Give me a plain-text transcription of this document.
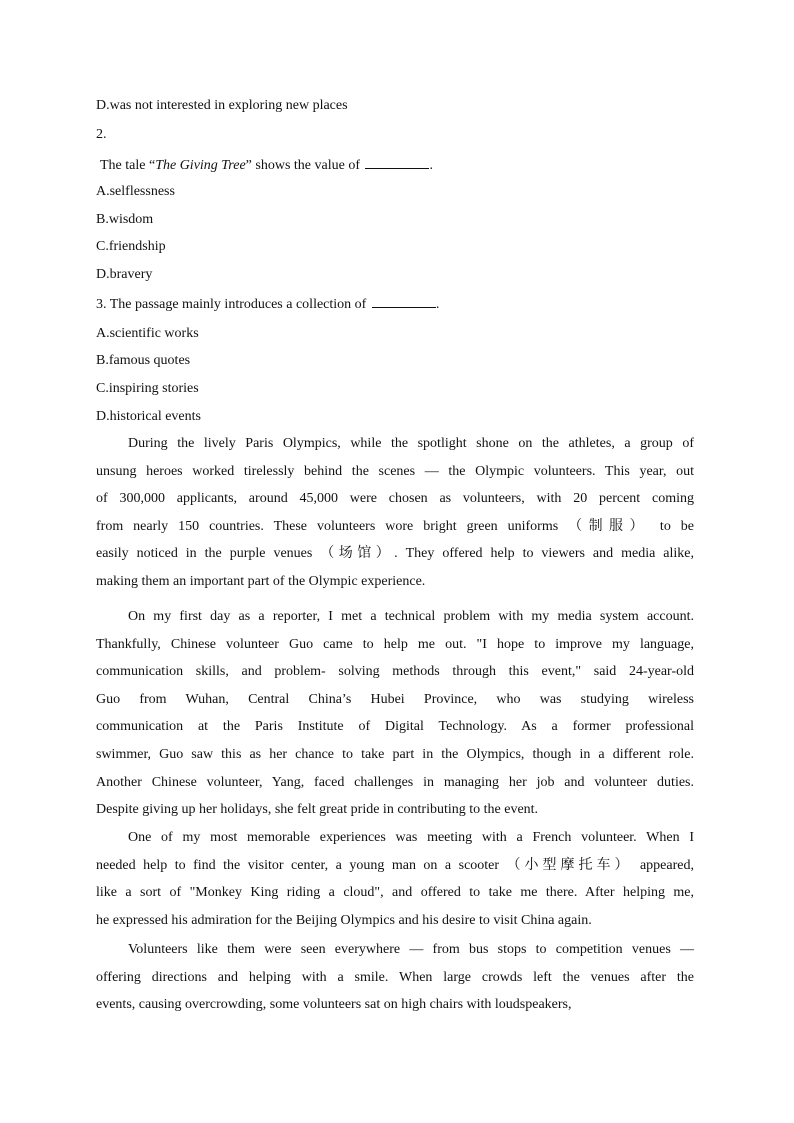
D.was not interested in exploring new places
2.
The tale “The Giving Tree” shows the value of	.
A.selflessness
B.wisdom
C.friendship
D.bravery
3. The passage mainly introduces a collection of	.
A.scientific works
B.famous quotes
C.inspiring stories
D.historical events
During the lively Paris Olympics, while the spotlight shone on the athletes, a group of
unsung heroes worked tirelessly behind the scenes — the Olympic volunteers. This year, out
of 300,000 applicants, around 45,000 were chosen as volunteers, with 20 percent coming
from nearly 150 countries. These volunteers wore bright green uniforms （制服） to be
easily noticed in the purple venues （场馆）. They offered help to viewers and media alike,
making them an important part of the Olympic experience.
On my first day as a reporter, I met a technical problem with my media system account.
Thankfully, Chinese volunteer Guo came to help me out. "I hope to improve my language,
communication skills, and problem- solving methods through this event," said 24-year-old
Guo from Wuhan, Central China’s Hubei Province, who was studying wireless
communication at the Paris Institute of Digital Technology. As a former professional
swimmer, Guo saw this as her chance to take part in the Olympics, though in a different role.
Another Chinese volunteer, Yang, faced challenges in managing her job and volunteer duties.
Despite giving up her holidays, she felt great pride in contributing to the event.
One of my most memorable experiences was meeting with a French volunteer. When I
needed help to find the visitor center, a young man on a scooter （小型摩托车） appeared,
like a sort of "Monkey King riding a cloud", and offered to take me there. After helping me,
he expressed his admiration for the Beijing Olympics and his desire to visit China again.
Volunteers like them were seen everywhere — from bus stops to competition venues —
offering directions and helping with a smile. When large crowds left the venues after the
events, causing overcrowding, some volunteers sat on high chairs with loudspeakers,
